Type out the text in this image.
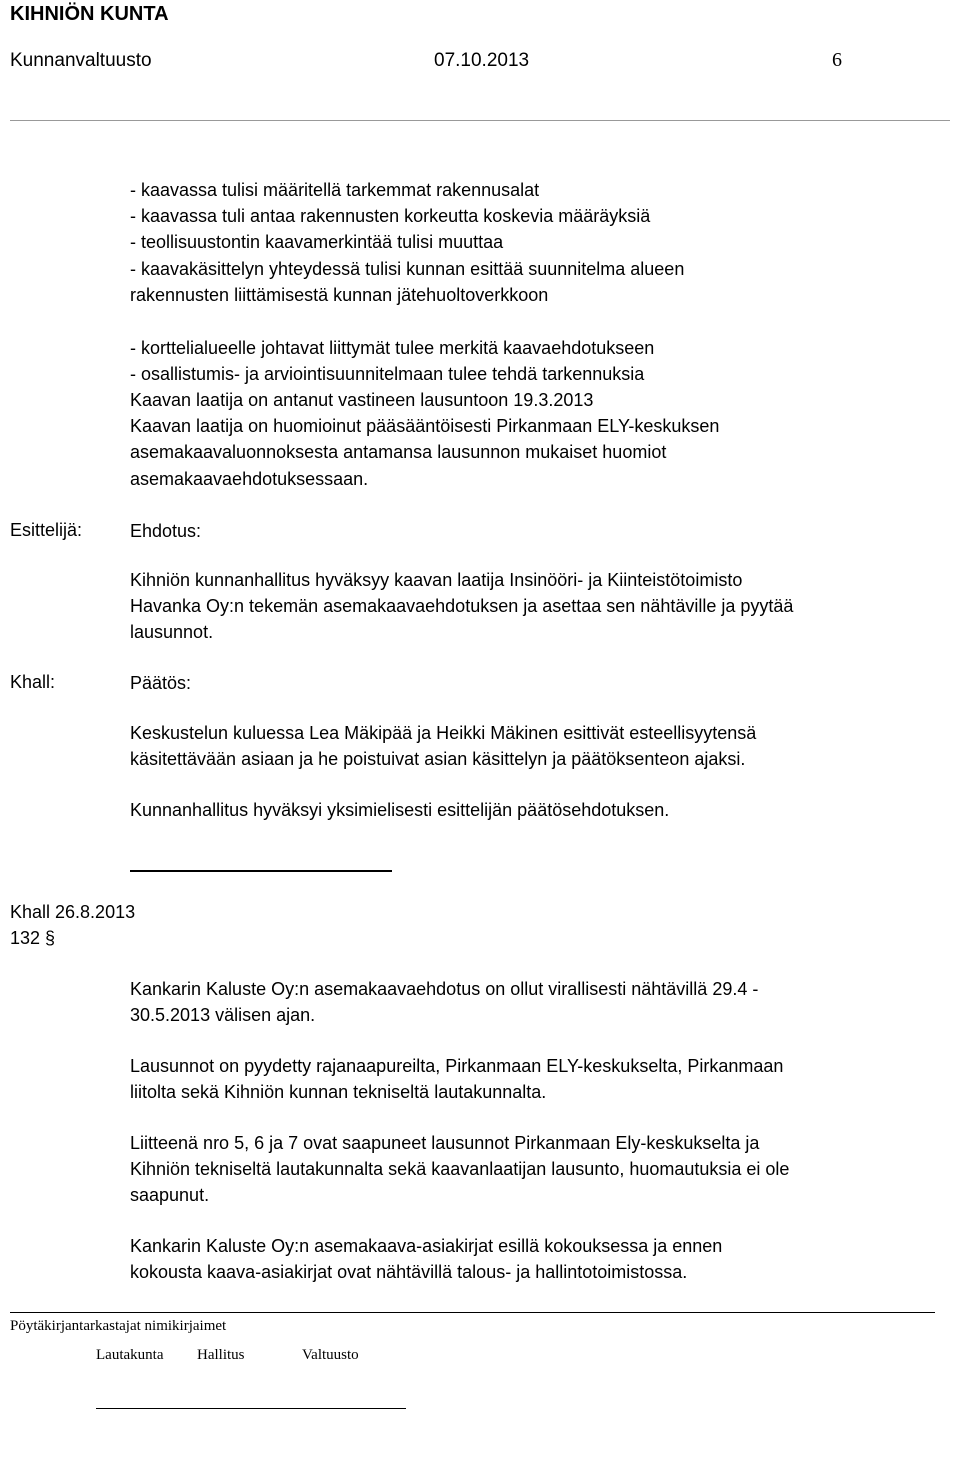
KIHNIÖN KUNTA
Kunnanvaltuusto	07.10.2013	6
- kaavassa tulisi määritellä tarkemmat rakennusalat
- kaavassa tuli antaa rakennusten korkeutta koskevia määräyksiä
- teollisuustontin kaavamerkintää tulisi muuttaa
- kaavakäsittelyn yhteydessä tulisi kunnan esittää suunnitelma alueen
rakennusten liittämisestä kunnan jätehuoltoverkkoon
- korttelialueelle johtavat liittymät tulee merkitä kaavaehdotukseen
- osallistumis- ja arviointisuunnitelmaan tulee tehdä tarkennuksia
Kaavan laatija on antanut vastineen lausuntoon 19.3.2013
Kaavan laatija on huomioinut pääsääntöisesti Pirkanmaan ELY-keskuksen
asemakaavaluonnoksesta antamansa lausunnon mukaiset huomiot
asemakaavaehdotuksessaan.
Esittelijä:	Ehdotus:
Kihniön kunnanhallitus hyväksyy kaavan laatija Insinööri- ja Kiinteistötoimisto
Havanka Oy:n tekemän asemakaavaehdotuksen ja asettaa sen nähtäville ja pyytää
lausunnot.
Khall:	Päätös:
Keskustelun kuluessa Lea Mäkipää ja Heikki Mäkinen esittivät esteellisyytensä
käsitettävään asiaan ja he poistuivat asian käsittelyn ja päätöksenteon ajaksi.
Kunnanhallitus hyväksyi yksimielisesti esittelijän päätösehdotuksen.
Khall 26.8.2013
132 §
Kankarin Kaluste Oy:n asemakaavaehdotus on ollut virallisesti nähtävillä 29.4 -
30.5.2013 välisen ajan.
Lausunnot on pyydetty rajanaapureilta, Pirkanmaan ELY-keskukselta, Pirkanmaan
liitolta sekä Kihniön kunnan tekniseltä lautakunnalta.
Liitteenä nro 5, 6 ja 7 ovat saapuneet lausunnot Pirkanmaan Ely-keskukselta ja
Kihniön tekniseltä lautakunnalta sekä kaavanlaatijan lausunto, huomautuksia ei ole
saapunut.
Kankarin Kaluste Oy:n asemakaava-asiakirjat esillä kokouksessa ja ennen
kokousta kaava-asiakirjat ovat nähtävillä talous- ja hallintotoimistossa.
Pöytäkirjantarkastajat nimikirjaimet
Lautakunta Hallitus	Valtuusto
